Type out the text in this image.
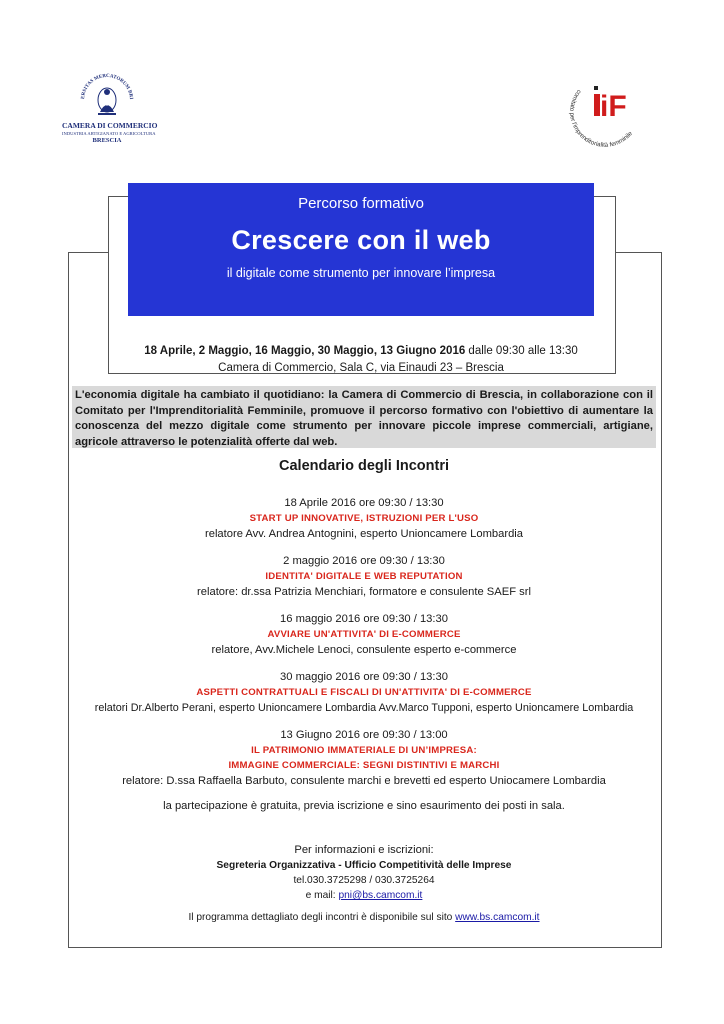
ERSITAS MERCATORUM BRI
CAMERA DI COMMERCIO
INDUSTRIA ARTIGIANATO E AGRICOLTURA
BRESCIA
comitato per l'imprenditorialità femminile
iF
Percorso formativo
Crescere con il web
il digitale come strumento per innovare l’impresa
18 Aprile, 2 Maggio, 16 Maggio, 30 Maggio, 13 Giugno 2016 dalle 09:30 alle 13:30
Camera di Commercio, Sala C, via Einaudi 23 – Brescia
L'economia digitale ha cambiato il quotidiano: la Camera di Commercio di Brescia, in collaborazione con il Comitato per l'Imprenditorialità Femminile, promuove il percorso formativo con l'obiettivo di aumentare la conoscenza del mezzo digitale come strumento per innovare piccole imprese commerciali, artigiane, agricole attraverso le potenzialità offerte dal web.
Calendario degli Incontri
18 Aprile 2016 ore 09:30 / 13:30
START UP INNOVATIVE, ISTRUZIONI PER L'USO
relatore Avv. Andrea Antognini, esperto Unioncamere Lombardia
2 maggio 2016 ore 09:30 / 13:30
IDENTITA' DIGITALE E WEB REPUTATION
relatore: dr.ssa Patrizia Menchiari, formatore e consulente SAEF srl
16 maggio 2016 ore 09:30 / 13:30
AVVIARE UN'ATTIVITA' DI E-COMMERCE
relatore, Avv.Michele Lenoci, consulente esperto e-commerce
30 maggio 2016 ore 09:30 / 13:30
ASPETTI CONTRATTUALI E FISCALI DI UN'ATTIVITA' DI E-COMMERCE
relatori Dr.Alberto Perani, esperto Unioncamere Lombardia Avv.Marco Tupponi, esperto Unioncamere Lombardia
13 Giugno 2016 ore 09:30 / 13:00
IL PATRIMONIO IMMATERIALE DI UN’IMPRESA:
IMMAGINE COMMERCIALE: SEGNI DISTINTIVI E MARCHI
relatore: D.ssa Raffaella Barbuto, consulente marchi e brevetti ed esperto Uniocamere Lombardia
la partecipazione è gratuita, previa iscrizione e sino esaurimento dei posti in sala.
Per informazioni e iscrizioni:
Segreteria Organizzativa - Ufficio Competitività delle Imprese
tel.030.3725298 / 030.3725264
e mail: pni@bs.camcom.it
Il programma dettagliato degli incontri è disponibile sul sito www.bs.camcom.it
